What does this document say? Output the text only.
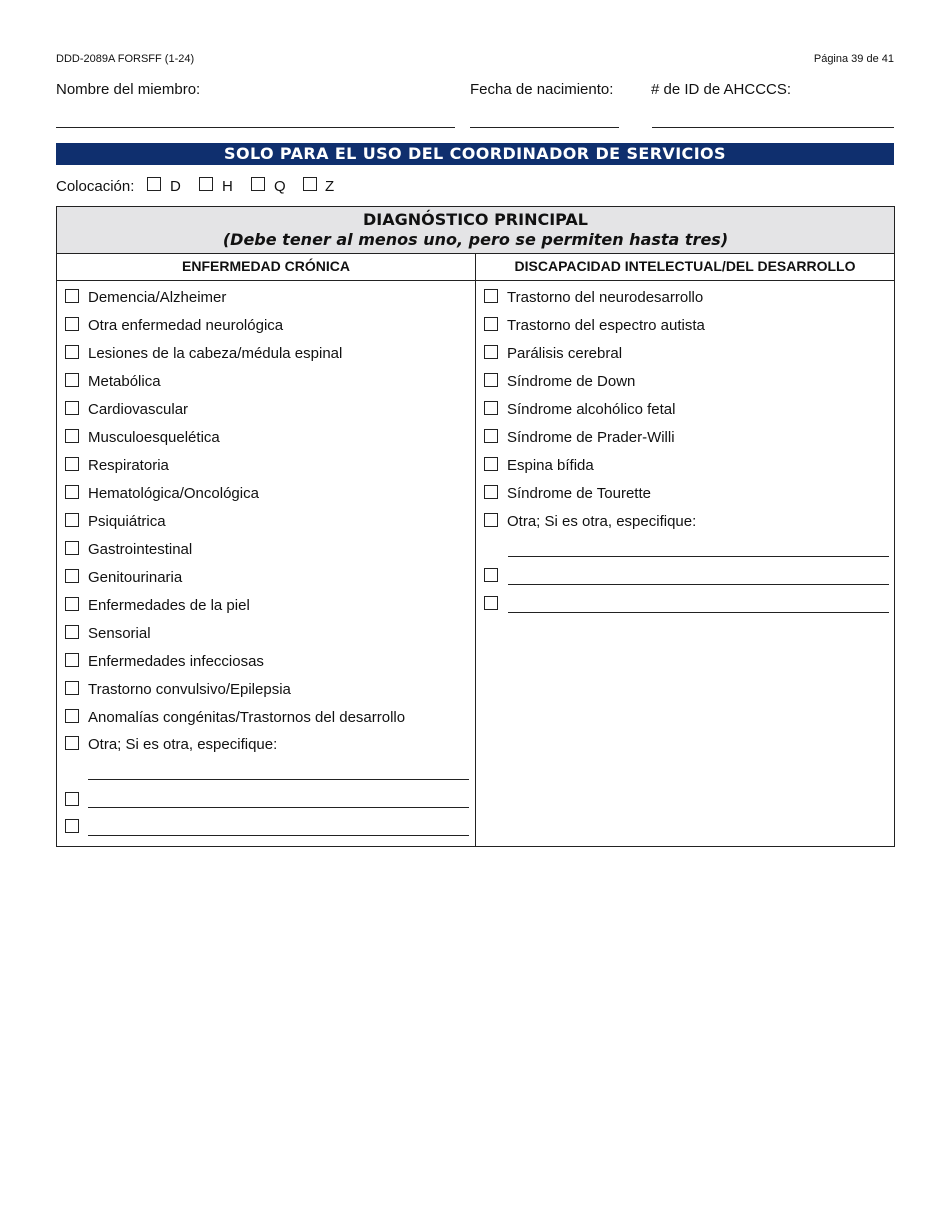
DDD-2089A FORSFF (1-24)	Página 39 de 41
Nombre del miembro:	Fecha de nacimiento:	# de ID de AHCCCS:
SOLO PARA EL USO DEL COORDINADOR DE SERVICIOS
Colocación: D	H	Q	Z
DIAGNÓSTICO PRINCIPAL
(Debe tener al menos uno, pero se permiten hasta tres)
ENFERMEDAD CRÓNICA	DISCAPACIDAD INTELECTUAL/DEL DESARROLLO
Demencia/Alzheimer
Otra enfermedad neurológica
Lesiones de la cabeza/médula espinal
Metabólica
Cardiovascular
Musculoesquelética
Respiratoria
Hematológica/Oncológica
Psiquiátrica
Gastrointestinal
Genitourinaria
Enfermedades de la piel
Sensorial
Enfermedades infecciosas
Trastorno convulsivo/Epilepsia
Anomalías congénitas/Trastornos del desarrollo
Otra; Si es otra, especifique:
Trastorno del neurodesarrollo
Trastorno del espectro autista
Parálisis cerebral
Síndrome de Down
Síndrome alcohólico fetal
Síndrome de Prader-Willi
Espina bífida
Síndrome de Tourette
Otra; Si es otra, especifique:
